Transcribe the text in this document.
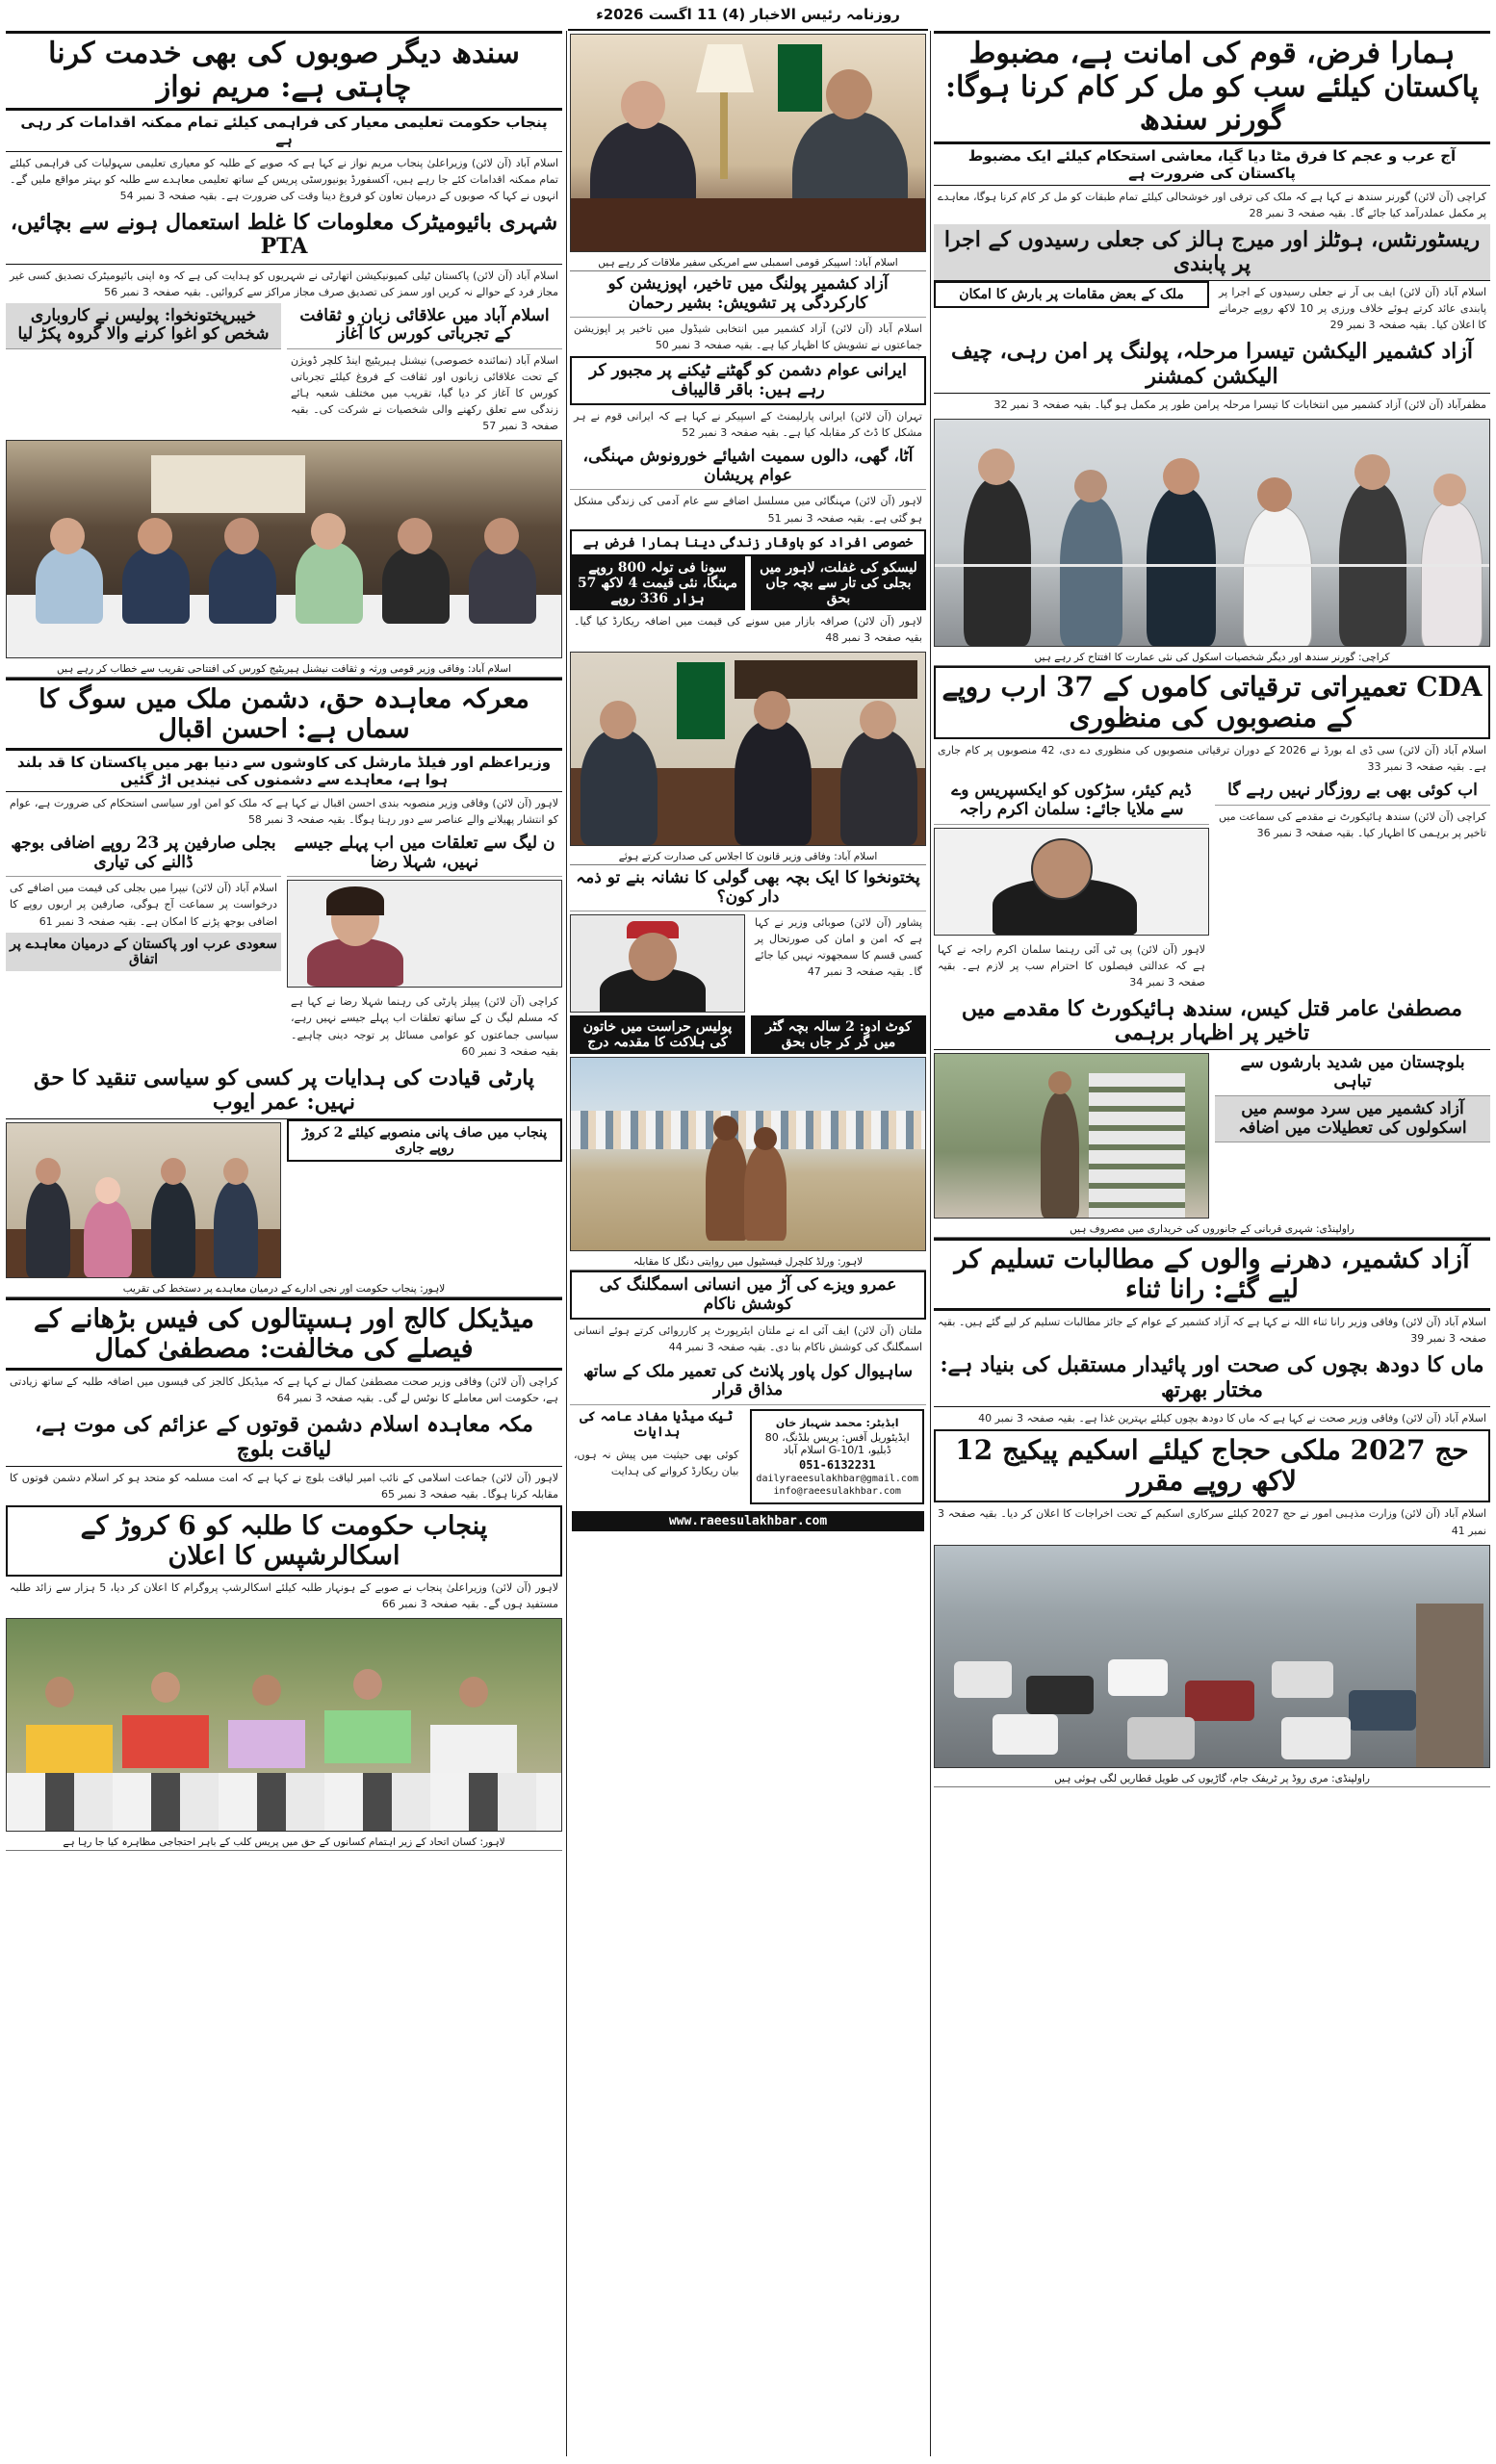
روزنامہ رئیس الاخبار (4) 11 اگست 2026ء
ہمارا فرض، قوم کی امانت ہے، مضبوط پاکستان کیلئے سب کو مل کر کام کرنا ہوگا: گورنر سندھ

آج عرب و عجم کا فرق مٹا دیا گیا، معاشی استحکام کیلئے ایک مضبوط پاکستان کی ضرورت ہے

کراچی (آن لائن) گورنر سندھ نے کہا ہے کہ ملک کی ترقی اور خوشحالی کیلئے تمام طبقات کو مل کر کام کرنا ہوگا، معاہدے پر مکمل عملدرآمد کیا جائے گا۔ بقیہ صفحہ 3 نمبر 28

ریسٹورنٹس، ہوٹلز اور میرج ہالز کی جعلی رسیدوں کے اجرا پر پابندی

اسلام آباد (آن لائن) ایف بی آر نے جعلی رسیدوں کے اجرا پر پابندی عائد کرتے ہوئے خلاف ورزی پر 10 لاکھ روپے جرمانے کا اعلان کیا۔ بقیہ صفحہ 3 نمبر 29

ملک کے بعض مقامات پر بارش کا امکان
آزاد کشمیر الیکشن تیسرا مرحلہ، پولنگ پر امن رہی، چیف الیکشن کمشنر

مظفرآباد (آن لائن) آزاد کشمیر میں انتخابات کا تیسرا مرحلہ پرامن طور پر مکمل ہو گیا۔ بقیہ صفحہ 3 نمبر 32

کراچی: گورنر سندھ اور دیگر شخصیات اسکول کی نئی عمارت کا افتتاح کر رہے ہیں

CDA تعمیراتی ترقیاتی کاموں کے 37 ارب روپے کے منصوبوں کی منظوری

اسلام آباد (آن لائن) سی ڈی اے بورڈ نے 2026 کے دوران ترقیاتی منصوبوں کی منظوری دے دی، 42 منصوبوں پر کام جاری ہے۔ بقیہ صفحہ 3 نمبر 33

اب کوئی بھی بے روزگار نہیں رہے گا

کراچی (آن لائن) سندھ ہائیکورٹ نے مقدمے کی سماعت میں تاخیر پر برہمی کا اظہار کیا۔ بقیہ صفحہ 3 نمبر 36

ڈیم کیئر، سڑکوں کو ایکسپریس وے سے ملایا جائے: سلمان اکرم راجہ

لاہور (آن لائن) پی ٹی آئی رہنما سلمان اکرم راجہ نے کہا ہے کہ عدالتی فیصلوں کا احترام سب پر لازم ہے۔ بقیہ صفحہ 3 نمبر 34

مصطفیٰ عامر قتل کیس، سندھ ہائیکورٹ کا مقدمے میں تاخیر پر اظہار برہمی
بلوچستان میں شدید بارشوں سے تباہی
آزاد کشمیر میں سرد موسم میں اسکولوں کی تعطیلات میں اضافہ

راولپنڈی: شہری قربانی کے جانوروں کی خریداری میں مصروف ہیں

آزاد کشمیر، دھرنے والوں کے مطالبات تسلیم کر لیے گئے: رانا ثناء

اسلام آباد (آن لائن) وفاقی وزیر رانا ثناء اللہ نے کہا ہے کہ آزاد کشمیر کے عوام کے جائز مطالبات تسلیم کر لیے گئے ہیں۔ بقیہ صفحہ 3 نمبر 39

ماں کا دودھ بچوں کی صحت اور پائیدار مستقبل کی بنیاد ہے: مختار بھرتھ

اسلام آباد (آن لائن) وفاقی وزیر صحت نے کہا ہے کہ ماں کا دودھ بچوں کیلئے بہترین غذا ہے۔ بقیہ صفحہ 3 نمبر 40

حج 2027 ملکی حجاج کیلئے اسکیم پیکیج 12 لاکھ روپے مقرر

اسلام آباد (آن لائن) وزارت مذہبی امور نے حج 2027 کیلئے سرکاری اسکیم کے تحت اخراجات کا اعلان کر دیا۔ بقیہ صفحہ 3 نمبر 41

راولپنڈی: مری روڈ پر ٹریفک جام، گاڑیوں کی طویل قطاریں لگی ہوئی ہیں

اسلام آباد: اسپیکر قومی اسمبلی سے امریکی سفیر ملاقات کر رہے ہیں

آزاد کشمیر پولنگ میں تاخیر، اپوزیشن کو کارکردگی پر تشویش: بشیر رحمان

اسلام آباد (آن لائن) آزاد کشمیر میں انتخابی شیڈول میں تاخیر پر اپوزیشن جماعتوں نے تشویش کا اظہار کیا ہے۔ بقیہ صفحہ 3 نمبر 50

ایرانی عوام دشمن کو گھٹنے ٹیکنے پر مجبور کر رہے ہیں: باقر قالیباف

تہران (آن لائن) ایرانی پارلیمنٹ کے اسپیکر نے کہا ہے کہ ایرانی قوم نے ہر مشکل کا ڈٹ کر مقابلہ کیا ہے۔ بقیہ صفحہ 3 نمبر 52

آٹا، گھی، دالوں سمیت اشیائے خورونوش مہنگی، عوام پریشان

لاہور (آن لائن) مہنگائی میں مسلسل اضافے سے عام آدمی کی زندگی مشکل ہو گئی ہے۔ بقیہ صفحہ 3 نمبر 51

خصوصی افراد کو باوقار زندگی دینا ہمارا فرض ہے
لیسکو کی غفلت، لاہور میں بجلی کی تار سے بچہ جاں بحق
سونا فی تولہ 800 روپے مہنگا، نئی قیمت 4 لاکھ 57 ہزار 336 روپے

لاہور (آن لائن) صرافہ بازار میں سونے کی قیمت میں اضافہ ریکارڈ کیا گیا۔ بقیہ صفحہ 3 نمبر 48

اسلام آباد: وفاقی وزیر قانون کا اجلاس کی صدارت کرتے ہوئے

پختونخوا کا ایک بچہ بھی گولی کا نشانہ بنے تو ذمہ دار کون؟

پشاور (آن لائن) صوبائی وزیر نے کہا ہے کہ امن و امان کی صورتحال پر کسی قسم کا سمجھوتہ نہیں کیا جائے گا۔ بقیہ صفحہ 3 نمبر 47

کوٹ ادو: 2 سالہ بچہ گٹر میں گر کر جاں بحق
پولیس حراست میں خاتون کی ہلاکت کا مقدمہ درج

لاہور: ورلڈ کلچرل فیسٹیول میں روایتی دنگل کا مقابلہ

عمرو ویزے کی آڑ میں انسانی اسمگلنگ کی کوشش ناکام

ملتان (آن لائن) ایف آئی اے نے ملتان ایئرپورٹ پر کارروائی کرتے ہوئے انسانی اسمگلنگ کی کوشش ناکام بنا دی۔ بقیہ صفحہ 3 نمبر 44

ساہیوال کول پاور پلانٹ کی تعمیر ملک کے ساتھ مذاق قرار

ایڈیٹر: محمد شہباز خان

ایڈیٹوریل آفس: پریس بلڈنگ، 80 ڈبلیو، G-10/1 اسلام آباد

051-6132231

dailyraeesulakhbar@gmail.com

info@raeesulakhbar.com

ٹیک میڈیا مفاد عامہ کی ہدایات

کوئی بھی حیثیت میں پیش نہ ہوں، بیان ریکارڈ کروانے کی ہدایت

www.raeesulakhbar.com
سندھ دیگر صوبوں کی بھی خدمت کرنا چاہتی ہے: مریم نواز

پنجاب حکومت تعلیمی معیار کی فراہمی کیلئے تمام ممکنہ اقدامات کر رہی ہے

اسلام آباد (آن لائن) وزیراعلیٰ پنجاب مریم نواز نے کہا ہے کہ صوبے کے طلبہ کو معیاری تعلیمی سہولیات کی فراہمی کیلئے تمام ممکنہ اقدامات کئے جا رہے ہیں، آکسفورڈ یونیورسٹی پریس کے ساتھ تعلیمی معاہدے سے طلبہ کو بہتر مواقع ملیں گے۔ انہوں نے کہا کہ صوبوں کے درمیان تعاون کو فروغ دینا وقت کی ضرورت ہے۔ بقیہ صفحہ 3 نمبر 54

شہری بائیومیٹرک معلومات کا غلط استعمال ہونے سے بچائیں، PTA

اسلام آباد (آن لائن) پاکستان ٹیلی کمیونیکیشن اتھارٹی نے شہریوں کو ہدایت کی ہے کہ وہ اپنی بائیومیٹرک تصدیق کسی غیر مجاز فرد کے حوالے نہ کریں اور سمز کی تصدیق صرف مجاز مراکز سے کروائیں۔ بقیہ صفحہ 3 نمبر 56

اسلام آباد میں علاقائی زبان و ثقافت کے تجرباتی کورس کا آغاز

اسلام آباد (نمائندہ خصوصی) نیشنل ہیریٹیج اینڈ کلچر ڈویژن کے تحت علاقائی زبانوں اور ثقافت کے فروغ کیلئے تجرباتی کورس کا آغاز کر دیا گیا، تقریب میں مختلف شعبہ ہائے زندگی سے تعلق رکھنے والی شخصیات نے شرکت کی۔ بقیہ صفحہ 3 نمبر 57

خیبرپختونخوا: پولیس نے کاروباری شخص کو اغوا کرنے والا گروہ پکڑ لیا

اسلام آباد: وفاقی وزیر قومی ورثہ و ثقافت نیشنل ہیریٹیج کورس کی افتتاحی تقریب سے خطاب کر رہے ہیں

معرکہ معاہدہ حق، دشمن ملک میں سوگ کا سماں ہے: احسن اقبال

وزیراعظم اور فیلڈ مارشل کی کاوشوں سے دنیا بھر میں پاکستان کا قد بلند ہوا ہے، معاہدے سے دشمنوں کی نیندیں اڑ گئیں

لاہور (آن لائن) وفاقی وزیر منصوبہ بندی احسن اقبال نے کہا ہے کہ ملک کو امن اور سیاسی استحکام کی ضرورت ہے، عوام کو انتشار پھیلانے والے عناصر سے دور رہنا ہوگا۔ بقیہ صفحہ 3 نمبر 58

ن لیگ سے تعلقات میں اب پہلے جیسے نہیں، شہلا رضا

کراچی (آن لائن) پیپلز پارٹی کی رہنما شہلا رضا نے کہا ہے کہ مسلم لیگ ن کے ساتھ تعلقات اب پہلے جیسے نہیں رہے، سیاسی جماعتوں کو عوامی مسائل پر توجہ دینی چاہیے۔ بقیہ صفحہ 3 نمبر 60

بجلی صارفین پر 23 روپے اضافی بوجھ ڈالنے کی تیاری

اسلام آباد (آن لائن) نیپرا میں بجلی کی قیمت میں اضافے کی درخواست پر سماعت آج ہوگی، صارفین پر اربوں روپے کا اضافی بوجھ پڑنے کا امکان ہے۔ بقیہ صفحہ 3 نمبر 61

سعودی عرب اور پاکستان کے درمیان معاہدے پر اتفاق
پارٹی قیادت کی ہدایات پر کسی کو سیاسی تنقید کا حق نہیں: عمر ایوب
پنجاب میں صاف پانی منصوبے کیلئے 2 کروڑ روپے جاری

لاہور: پنجاب حکومت اور نجی ادارے کے درمیان معاہدے پر دستخط کی تقریب

میڈیکل کالج اور ہسپتالوں کی فیس بڑھانے کے فیصلے کی مخالفت: مصطفیٰ کمال

کراچی (آن لائن) وفاقی وزیر صحت مصطفیٰ کمال نے کہا ہے کہ میڈیکل کالجز کی فیسوں میں اضافہ طلبہ کے ساتھ زیادتی ہے، حکومت اس معاملے کا نوٹس لے گی۔ بقیہ صفحہ 3 نمبر 64

مکہ معاہدہ اسلام دشمن قوتوں کے عزائم کی موت ہے، لیاقت بلوچ

لاہور (آن لائن) جماعت اسلامی کے نائب امیر لیاقت بلوچ نے کہا ہے کہ امت مسلمہ کو متحد ہو کر اسلام دشمن قوتوں کا مقابلہ کرنا ہوگا۔ بقیہ صفحہ 3 نمبر 65

پنجاب حکومت کا طلبہ کو 6 کروڑ کے اسکالرشپس کا اعلان

لاہور (آن لائن) وزیراعلیٰ پنجاب نے صوبے کے ہونہار طلبہ کیلئے اسکالرشپ پروگرام کا اعلان کر دیا، 5 ہزار سے زائد طلبہ مستفید ہوں گے۔ بقیہ صفحہ 3 نمبر 66

لاہور: کسان اتحاد کے زیر اہتمام کسانوں کے حق میں پریس کلب کے باہر احتجاجی مظاہرہ کیا جا رہا ہے
